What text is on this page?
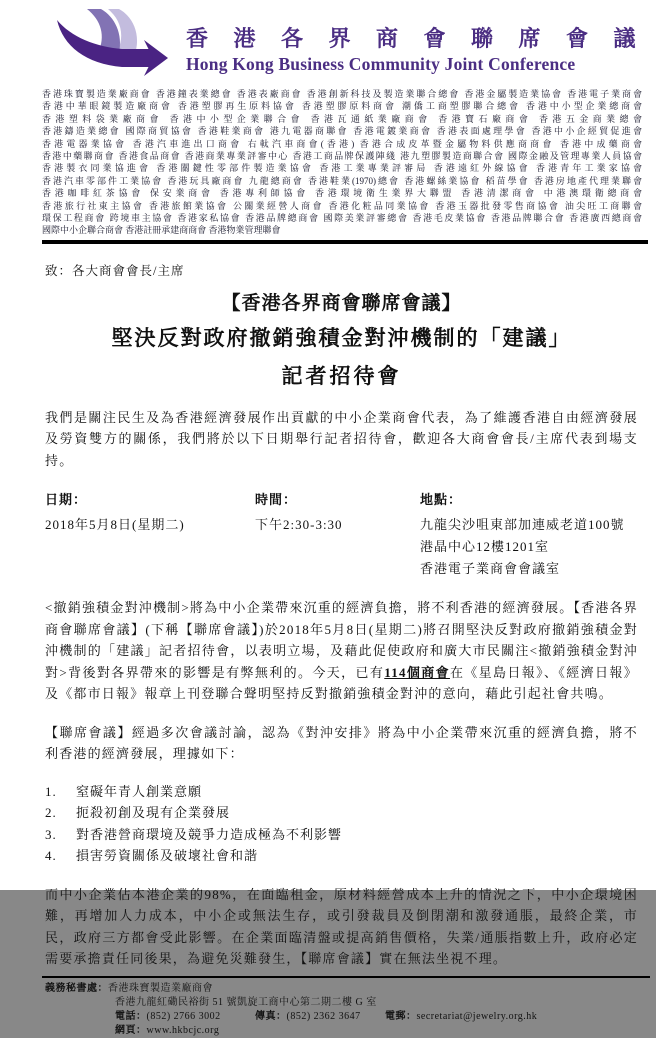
香 港 各 界 商 會 聯 席 會 議
Hong Kong Business Community Joint Conference
香港珠寶製造業廠商會 香港鐘表業總會 香港表廠商會 香港創新科技及製造業聯合總會 香港金屬製造業協會 香港電子業商會
香港中華眼鏡製造廠商會 香港塑膠再生原料協會 香港塑膠原料商會 潮僑工商塑膠聯合總會 香港中小型企業總商會
香港塑料袋業廠商會 香港中小型企業聯合會 香港瓦通紙業廠商會 香港寶石廠商會 香港五金商業總會
香港鑄造業總會 國際商貿協會 香港鞋業商會 港九電器商聯會 香港電鍍業商會 香港表面處理學會 香港中小企經貿促進會
香港電器業協會 香港汽車進出口商會 右軚汽車商會(香港) 香港合成皮革暨金屬物料供應商商會 香港中成藥商會
香港中藥聯商會 香港食品商會 香港商業專業評審中心 香港工商品牌保護陣綫 港九塑膠製造商聯合會 國際金融及管理專業人員協會
香港製衣同業協進會 香港關鍵性零部件製造業協會 香港工業專業評審局 香港遠紅外線協會 香港青年工業家協會
香港汽車零部件工業協會 香港玩具廠商會 九龍總商會 香港鞋業(1970)總會 香港螺絲業協會 稻苗學會 香港房地產代理業聯會
香港咖啡紅茶協會 保安業商會 香港專利師協會 香港環境衛生業界大聯盟 香港清潔商會 中港澳環衛總商會
香港旅行社東主協會 香港旅館業協會 公關業經營人商會 香港化粧品同業協會 香港玉器批發零售商協會 油尖旺工商聯會
環保工程商會 跨境車主協會 香港家私協會 香港品牌總商會 國際美業評審總會 香港毛皮業協會 香港品牌聯合會 香港廣西總商會
國際中小企聯合商會 香港註冊承建商商會 香港物業管理聯會
致：各大商會會長/主席
【香港各界商會聯席會議】
堅決反對政府撤銷強積金對沖機制的「建議」
記者招待會
我們是關注民生及為香港經濟發展作出貢獻的中小企業商會代表，為了維護香港自由經濟發展及勞資雙方的關係，我們將於以下日期舉行記者招待會，歡迎各大商會會長/主席代表到場支持。
日期：
2018年5月8日(星期二)
時間：
下午2:30-3:30
地點：
九龍尖沙咀東部加連威老道100號
港晶中心12樓1201室
香港電子業商會會議室
<撤銷強積金對沖機制>將為中小企業帶來沉重的經濟負擔，將不利香港的經濟發展。【香港各界商會聯席會議】(下稱【聯席會議】)於2018年5月8日(星期二)將召開堅決反對政府撤銷強積金對沖機制的「建議」記者招待會，以表明立場，及藉此促使政府和廣大市民關注<撤銷強積金對沖對>背後對各界帶來的影響是有弊無利的。今天，已有114個商會在《星島日報》、《經濟日報》及《都市日報》報章上刊登聯合聲明堅持反對撤銷強積金對沖的意向，藉此引起社會共鳴。
【聯席會議】經過多次會議討論，認為《對沖安排》將為中小企業帶來沉重的經濟負擔，將不利香港的經濟發展，理據如下：
1.	窒礙年青人創業意願
2.	扼殺初創及現有企業發展
3.	對香港營商環境及競爭力造成極為不利影響
4.	損害勞資關係及破壞社會和諧
而中小企業佔本港企業的98%，在面臨租金，原材料經營成本上升的情況之下，中小企環境困難，再增加人力成本，中小企或無法生存，或引發裁員及倒閉潮和激發通脹，最終企業，市民，政府三方都會受此影響。在企業面臨清盤或提高銷售價格，失業/通脹指數上升，政府必定需要承擔責任同後果，為避免災難發生，【聯席會議】實在無法坐視不理。
義務秘書處： 香港珠寶製造業廠商會
香港九龍紅磡民裕街 51 號凱旋工商中心第二期二樓 G 室
電話：(852) 2766 3002	傳真：(852) 2362 3647	電郵：secretariat@jewelry.org.hk
網頁：www.hkbcjc.org
